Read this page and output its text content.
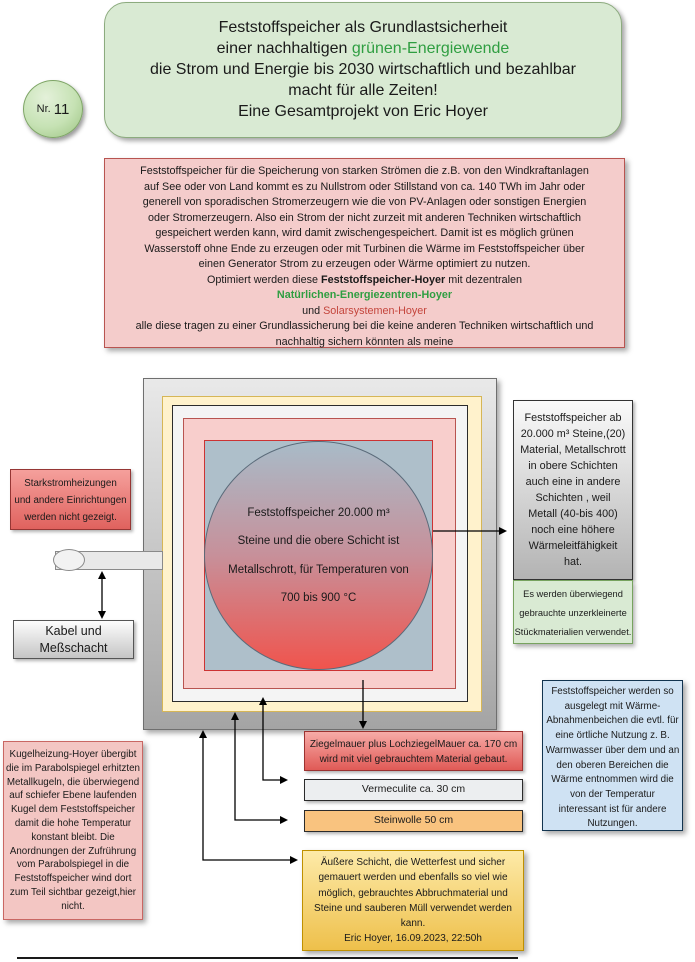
Nr. 11
Feststoffspeicher als Grundlastsicherheit
einer nachhaltigen grünen-Energiewende
die Strom und Energie bis 2030 wirtschaftlich und bezahlbar
macht für alle Zeiten!
Eine Gesamtprojekt von Eric Hoyer
Feststoffspeicher für die Speicherung von starken Strömen die z.B. von den Windkraftanlagen
auf See oder von Land kommt es zu Nullstrom oder Stillstand von ca. 140 TWh im Jahr oder
generell von sporadischen Stromerzeugern wie die von PV-Anlagen oder sonstigen Energien
oder Stromerzeugern. Also ein Strom der nicht zurzeit mit anderen Techniken wirtschaftlich
gespeichert werden kann, wird damit zwischengespeichert. Damit ist es möglich grünen
Wasserstoff ohne Ende zu erzeugen oder mit Turbinen die Wärme im Feststoffspeicher über
einen Generator Strom zu erzeugen oder Wärme optimiert zu nutzen.
Optimiert werden diese Feststoffspeicher-Hoyer mit dezentralen
Natürlichen-Energiezentren-Hoyer
und Solarsystemen-Hoyer
alle diese tragen zu einer Grundlassicherung bei die keine anderen Techniken wirtschaftlich und
nachhaltig sichern könnten als meine
Feststoffspeicher 20.000 m³
Steine und die obere Schicht ist
Metallschrott, für Temperaturen von
700 bis 900 °C
Starkstromheizungen
und andere Einrichtungen
werden nicht gezeigt.
Kabel und
Meßschacht
Kugelheizung-Hoyer übergibt
die im Parabolspiegel erhitzten
Metallkugeln, die überwiegend
auf schiefer Ebene laufenden
Kugel dem Feststoffspeicher
damit die hohe Temperatur
konstant bleibt. Die
Anordnungen der Zufrührung
vom Parabolspiegel in die
Feststoffspeicher wind dort
zum Teil sichtbar gezeigt,hier
nicht.
Feststoffspeicher ab
20.000 m³ Steine,(20)
Material, Metallschrott
in obere Schichten
auch eine in andere
Schichten , weil
Metall (40-bis 400)
noch eine höhere
Wärmeleitfähigkeit
hat.
Es werden überwiegend
gebrauchte unzerkleinerte
Stückmaterialien verwendet.
Feststoffspeicher werden so
ausgelegt mit Wärme-
Abnahmenbeichen die evtl. für
eine örtliche Nutzung z. B.
Warmwasser über dem und an
den oberen Bereichen die
Wärme entnommen wird die
von der Temperatur
interessant ist für andere
Nutzungen.
Ziegelmauer plus LochziegelMauer ca. 170 cm
wird mit viel gebrauchtem Material gebaut.
Vermeculite ca. 30 cm
Steinwolle 50 cm
Äußere Schicht, die Wetterfest und sicher
gemauert werden und ebenfalls so viel wie
möglich, gebrauchtes Abbruchmaterial und
Steine und sauberen Müll verwendet werden
kann.
Eric Hoyer, 16.09.2023, 22:50h
